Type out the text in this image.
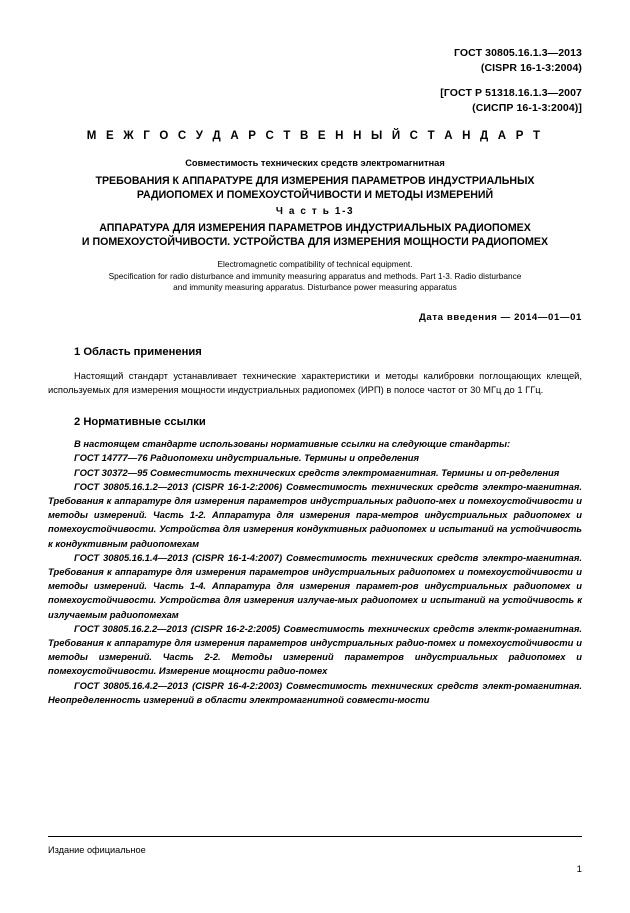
ГОСТ 30805.16.1.3—2013
(CISPR 16-1-3:2004)
[ГОСТ Р 51318.16.1.3—2007
(СИСПР 16-1-3:2004)]
М Е Ж Г О С У Д А Р С Т В Е Н Н Ы Й С Т А Н Д А Р Т
Совместимость технических средств электромагнитная
ТРЕБОВАНИЯ К АППАРАТУРЕ ДЛЯ ИЗМЕРЕНИЯ ПАРАМЕТРОВ ИНДУСТРИАЛЬНЫХ
РАДИОПОМЕХ И ПОМЕХОУСТОЙЧИВОСТИ И МЕТОДЫ ИЗМЕРЕНИЙ
Ч а с т ь 1-3
АППАРАТУРА ДЛЯ ИЗМЕРЕНИЯ ПАРАМЕТРОВ ИНДУСТРИАЛЬНЫХ РАДИОПОМЕХ
И ПОМЕХОУСТОЙЧИВОСТИ. УСТРОЙСТВА ДЛЯ ИЗМЕРЕНИЯ МОЩНОСТИ РАДИОПОМЕХ
Electromagnetic compatibility of technical equipment.
Specification for radio disturbance and immunity measuring apparatus and methods. Part 1-3. Radio disturbance
and immunity measuring apparatus. Disturbance power measuring apparatus
Дата введения — 2014—01—01
1 Область применения

Настоящий стандарт устанавливает технические характеристики и методы калибровки поглощающих клещей, используемых для измерения мощности индустриальных радиопомех (ИРП) в полосе частот от 30 МГц до 1 ГГц.

2 Нормативные ссылки

В настоящем стандарте использованы нормативные ссылки на следующие стандарты:

ГОСТ 14777—76 Радиопомехи индустриальные. Термины и определения

ГОСТ 30372—95 Совместимость технических средств электромагнитная. Термины и оп-ределения

ГОСТ 30805.16.1.2—2013 (CISPR 16-1-2:2006) Совместимость технических средств электро-магнитная. Требования к аппаратуре для измерения параметров индустриальных радиопо-мех и помехоустойчивости и методы измерений. Часть 1-2. Аппаратура для измерения пара-метров индустриальных радиопомех и помехоустойчивости. Устройства для измерения кондуктивных радиопомех и испытаний на устойчивость к кондуктивным радиопомехам

ГОСТ 30805.16.1.4—2013 (CISPR 16-1-4:2007) Совместимость технических средств электро-магнитная. Требования к аппаратуре для измерения параметров индустриальных радиопомех и помехоустойчивости и методы измерений. Часть 1-4. Аппаратура для измерения парамет-ров индустриальных радиопомех и помехоустойчивости. Устройства для измерения излучае-мых радиопомех и испытаний на устойчивость к излучаемым радиопомехам

ГОСТ 30805.16.2.2—2013 (CISPR 16-2-2:2005) Совместимость технических средств электк-ромагнитная. Требования к аппаратуре для измерения параметров индустриальных радио-помех и помехоустойчивости и методы измерений. Часть 2-2. Методы измерений параметров индустриальных радиопомех и помехоустойчивости. Измерение мощности радио-помех

ГОСТ 30805.16.4.2—2013 (CISPR 16-4-2:2003) Совместимость технических средств элект-ромагнитная. Неопределенность измерений в области электромагнитной совмести-мости

Издание официальное
1
